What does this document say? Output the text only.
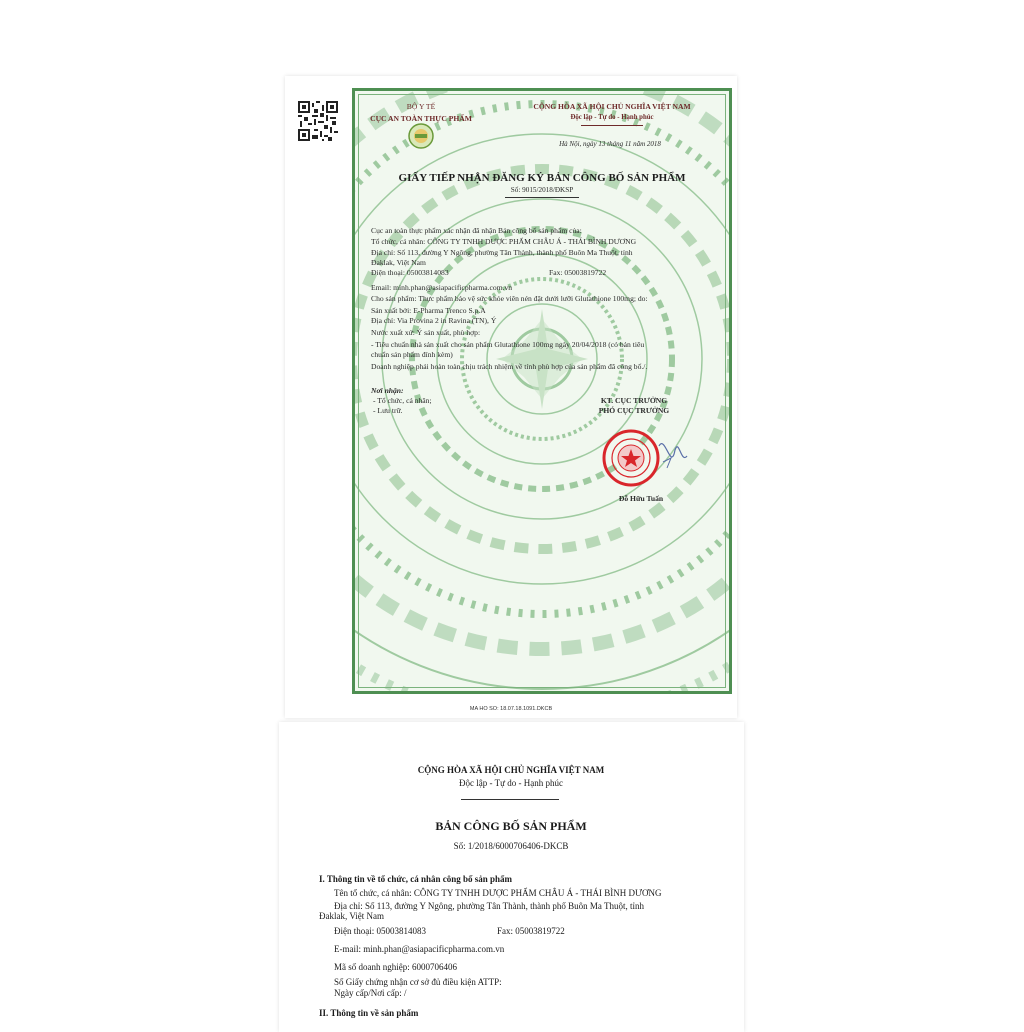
BỘ Y TẾ
CỤC AN TOÀN THỰC PHẨM
CỘNG HÒA XÃ HỘI CHỦ NGHĨA VIỆT NAM
Độc lập - Tự do - Hạnh phúc
Hà Nội, ngày 13 tháng 11 năm 2018
GIẤY TIẾP NHẬN ĐĂNG KÝ BẢN CÔNG BỐ SẢN PHẨM
Số: 9015/2018/ĐKSP
Cục an toàn thực phẩm xác nhận đã nhận Bản công bố sản phẩm của:
Tổ chức, cá nhân: CÔNG TY TNHH DƯỢC PHẨM CHÂU Á - THÁI BÌNH DƯƠNG
Địa chỉ: Số 113, đường Y Ngông, phường Tân Thành, thành phố Buôn Ma Thuột, tỉnh
Đaklak, Việt Nam
Điện thoại: 05003814083	Fax: 05003819722
Email: minh.phan@asiapacificpharma.com.vn
Cho sản phẩm: Thực phẩm bảo vệ sức khỏe viên nén đặt dưới lưỡi Glutathione 100mg; do:
Sản xuất bởi: E-Pharma Trenco S.p.A
Địa chỉ: Via Provina 2 in Ravina (TN), Ý
Nước xuất xứ: Ý sản xuất, phù hợp:
- Tiêu chuẩn nhà sản xuất cho sản phẩm Glutathione 100mg ngày 20/04/2018 (có bản tiêu
chuẩn sản phẩm đính kèm)
Doanh nghiệp phải hoàn toàn chịu trách nhiệm về tính phù hợp của sản phẩm đã công bố./.
Nơi nhận:
- Tổ chức, cá nhân;
- Lưu trữ.
KT. CỤC TRƯỞNG
PHÓ CỤC TRƯỞNG
Đỗ Hữu Tuấn
MA HO SO: 18.07.18.1091.DKCB
CỘNG HÒA XÃ HỘI CHỦ NGHĨA VIỆT NAM
Độc lập - Tự do - Hạnh phúc
BẢN CÔNG BỐ SẢN PHẨM
Số: 1/2018/6000706406-DKCB
I. Thông tin về tổ chức, cá nhân công bố sản phẩm
Tên tổ chức, cá nhân: CÔNG TY TNHH DƯỢC PHẨM CHÂU Á - THÁI BÌNH DƯƠNG
Địa chỉ: Số 113, đường Y Ngông, phường Tân Thành, thành phố Buôn Ma Thuột, tỉnh
Đaklak, Việt Nam
Điện thoại: 05003814083	Fax: 05003819722
E-mail: minh.phan@asiapacificpharma.com.vn
Mã số doanh nghiệp: 6000706406
Số Giấy chứng nhận cơ sở đủ điều kiện ATTP:
Ngày cấp/Nơi cấp: /
II. Thông tin về sản phẩm
